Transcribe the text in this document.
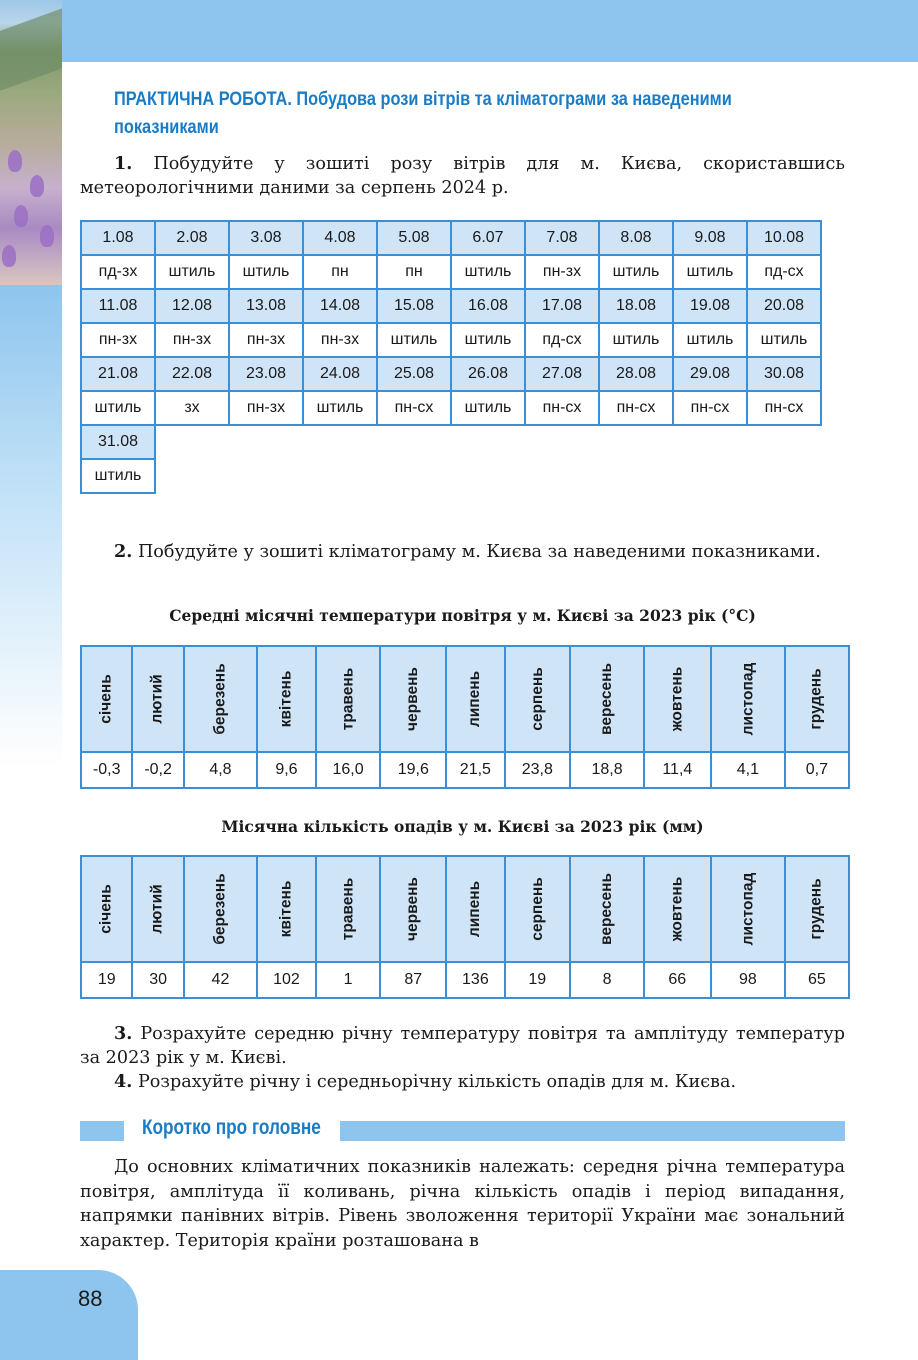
ПРАКТИЧНА РОБОТА. Побудова рози вітрів та кліматограми за наведеними показниками
1. Побудуйте у зошиті розу вітрів для м. Києва, скориставшись метеорологічними даними за серпень 2024 р.
1.08	2.08	3.08	4.08	5.08	6.07	7.08	8.08	9.08	10.08
пд-зх	штиль	штиль	пн	пн	штиль	пн-зх	штиль	штиль	пд-сх
11.08	12.08	13.08	14.08	15.08	16.08	17.08	18.08	19.08	20.08
пн-зх	пн-зх	пн-зх	пн-зх	штиль	штиль	пд-сх	штиль	штиль	штиль
21.08	22.08	23.08	24.08	25.08	26.08	27.08	28.08	29.08	30.08
штиль	зх	пн-зх	штиль	пн-сх	штиль	пн-сх	пн-сх	пн-сх	пн-сх
31.08									
штиль									
2. Побудуйте у зошиті кліматограму м. Києва за наведеними показниками.
Середні місячні температури повітря у м. Києві за 2023 рік (°С)
січень	лютий	березень	квітень	травень	червень	липень	серпень	вересень	жовтень	листопад	грудень
-0,3	-0,2	4,8	9,6	16,0	19,6	21,5	23,8	18,8	11,4	4,1	0,7
Місячна кількість опадів у м. Києві за 2023 рік (мм)
січень	лютий	березень	квітень	травень	червень	липень	серпень	вересень	жовтень	листопад	грудень
19	30	42	102	1	87	136	19	8	66	98	65
3. Розрахуйте середню річну температуру повітря та амплітуду температур за 2023 рік у м. Києві.
4. Розрахуйте річну і середньорічну кількість опадів для м. Києва.
Коротко про головне
До основних кліматичних показників належать: середня річна температура повітря, амплітуда її коливань, річна кількість опадів і період випадання, напрямки панівних вітрів. Рівень зволоження території України має зональний характер. Територія країни розташована в
88
